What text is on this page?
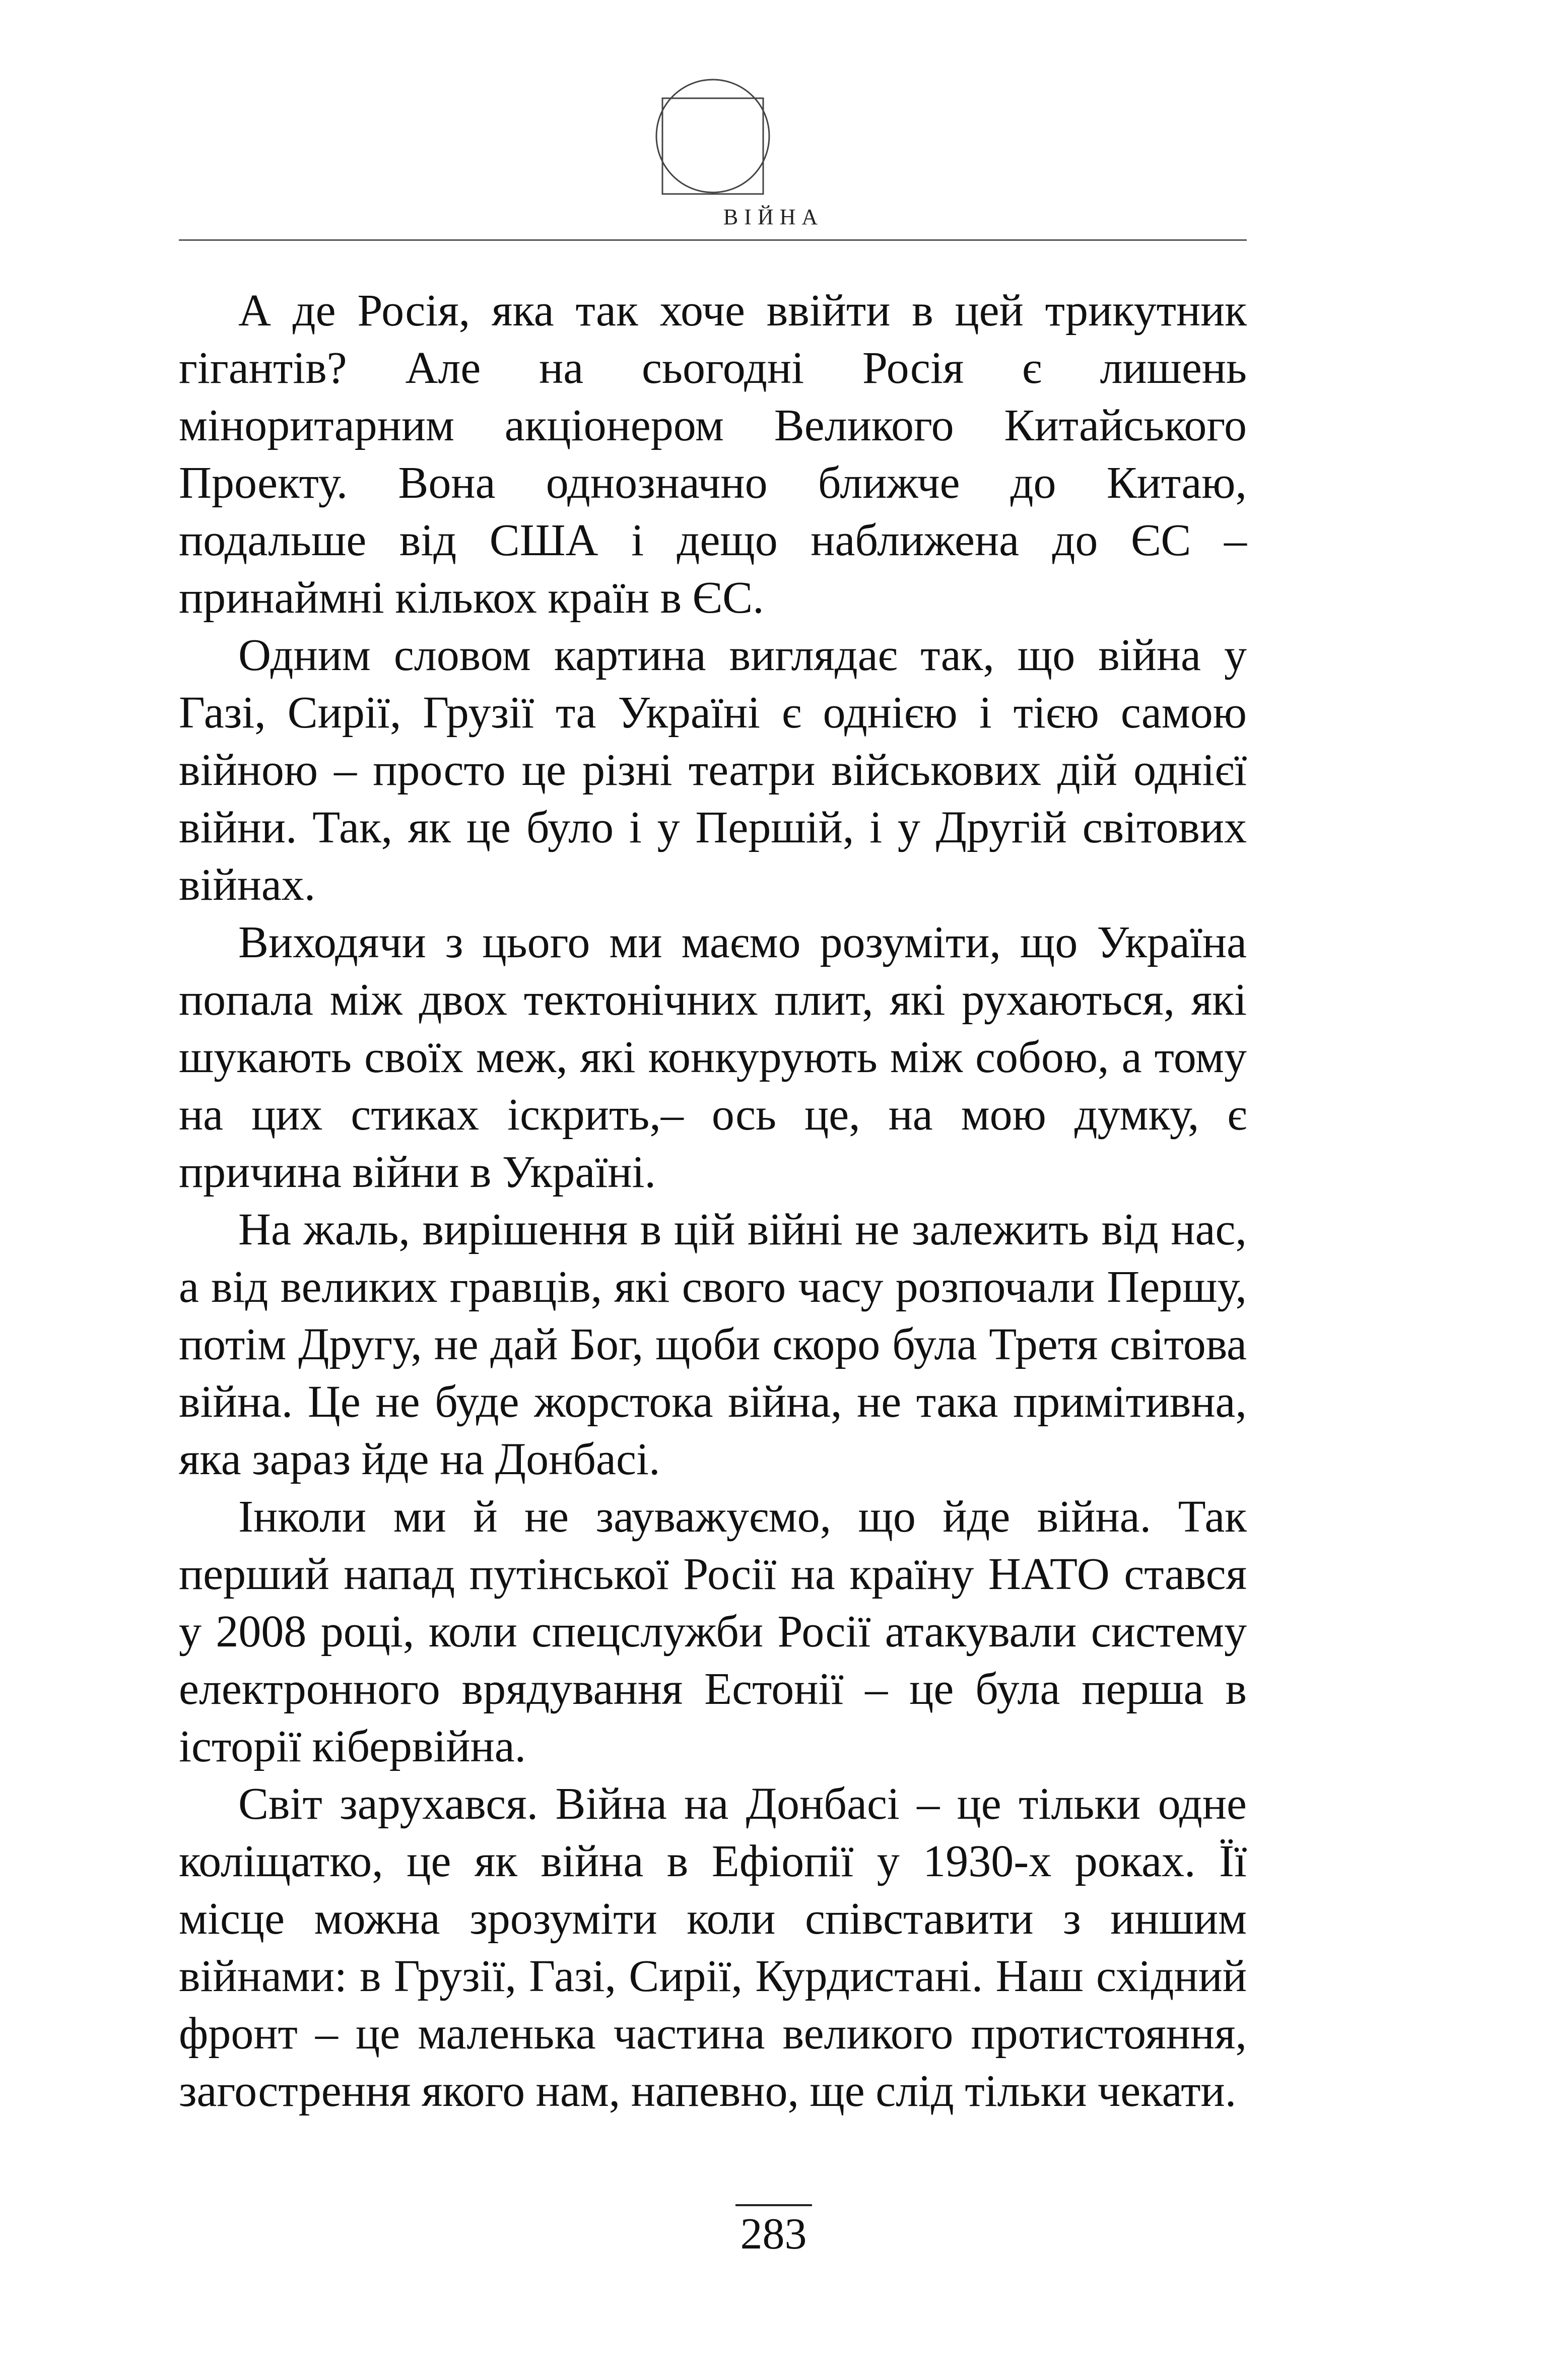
ВІЙНА

А де Росія, яка так хоче ввійти в цей трикутник гігантів? Але на сьогодні Росія є лишень міноритарним акціонером Великого Китайського Проекту. Вона однозначно ближче до Китаю, подальше від США і дещо наближена до ЄС – принаймні кількох країн в ЄС.

Одним словом картина виглядає так, що війна у Газі, Сирії, Грузії та Україні є однією і тією самою війною – просто це різні театри військових дій однієї війни. Так, як це було і у Першій, і у Другій світових війнах.

Виходячи з цього ми маємо розуміти, що Україна попала між двох тектонічних плит, які рухаються, які шукають своїх меж, які конкурують між собою, а тому на цих стиках іскрить,– ось це, на мою думку, є причина війни в Україні.

На жаль, вирішення в цій війні не залежить від нас, а від великих гравців, які свого часу розпочали Першу, потім Другу, не дай Бог, щоби скоро була Третя світова війна. Це не буде жорстока війна, не така примітивна, яка зараз йде на Донбасі.

Інколи ми й не зауважуємо, що йде війна. Так перший напад путінської Росії на країну НАТО стався у 2008 році, коли спецслужби Росії атакували систему електронного врядування Естонії – це була перша в історії кібервійна.

Світ зарухався. Війна на Донбасі – це тільки одне коліщатко, це як війна в Ефіопії у 1930-х роках. Її місце можна зрозуміти коли співставити з иншим війнами: в Грузії, Газі, Сирії, Курдистані. Наш східний фронт – це маленька частина великого протистояння, загострення якого нам, напевно, ще слід тільки чекати.

283
